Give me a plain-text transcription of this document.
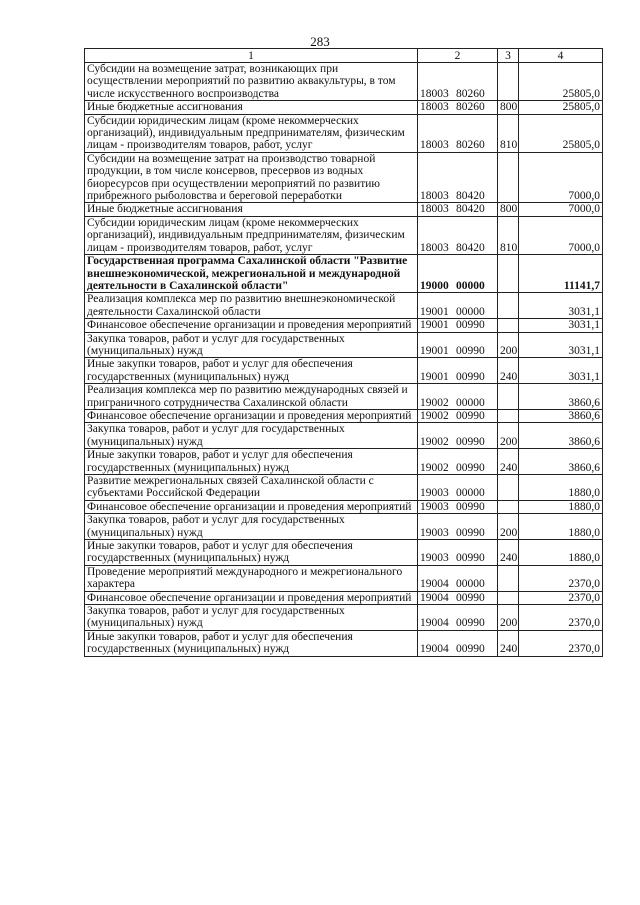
283
1	2	3	4
Субсидии на возмещение затрат, возникающих при осуществлении мероприятий по развитию аквакультуры, в том числе искусственного воспроизводства	18003 80260		25805,0
Иные бюджетные ассигнования	18003 80260	800	25805,0
Субсидии юридическим лицам (кроме некоммерческих организаций), индивидуальным предпринимателям, физическим лицам - производителям товаров, работ, услуг	18003 80260	810	25805,0
Субсидии на возмещение затрат на производство товарной продукции, в том числе консервов, пресервов из водных биоресурсов при осуществлении мероприятий по развитию прибрежного рыболовства и береговой переработки	18003 80420		7000,0
Иные бюджетные ассигнования	18003 80420	800	7000,0
Субсидии юридическим лицам (кроме некоммерческих организаций), индивидуальным предпринимателям, физическим лицам - производителям товаров, работ, услуг	18003 80420	810	7000,0
Государственная программа Сахалинской области "Развитие внешнеэкономической, межрегиональной и международной деятельности в Сахалинской области"	19000 00000		11141,7
Реализация комплекса мер по развитию внешнеэкономической деятельности Сахалинской области	19001 00000		3031,1
Финансовое обеспечение организации и проведения мероприятий	19001 00990		3031,1
Закупка товаров, работ и услуг для государственных (муниципальных) нужд	19001 00990	200	3031,1
Иные закупки товаров, работ и услуг для обеспечения государственных (муниципальных) нужд	19001 00990	240	3031,1
Реализация комплекса мер по развитию международных связей и приграничного сотрудничества Сахалинской области	19002 00000		3860,6
Финансовое обеспечение организации и проведения мероприятий	19002 00990		3860,6
Закупка товаров, работ и услуг для государственных (муниципальных) нужд	19002 00990	200	3860,6
Иные закупки товаров, работ и услуг для обеспечения государственных (муниципальных) нужд	19002 00990	240	3860,6
Развитие межрегиональных связей Сахалинской области с субъектами Российской Федерации	19003 00000		1880,0
Финансовое обеспечение организации и проведения мероприятий	19003 00990		1880,0
Закупка товаров, работ и услуг для государственных (муниципальных) нужд	19003 00990	200	1880,0
Иные закупки товаров, работ и услуг для обеспечения государственных (муниципальных) нужд	19003 00990	240	1880,0
Проведение мероприятий международного и межрегионального характера	19004 00000		2370,0
Финансовое обеспечение организации и проведения мероприятий	19004 00990		2370,0
Закупка товаров, работ и услуг для государственных (муниципальных) нужд	19004 00990	200	2370,0
Иные закупки товаров, работ и услуг для обеспечения государственных (муниципальных) нужд	19004 00990	240	2370,0
